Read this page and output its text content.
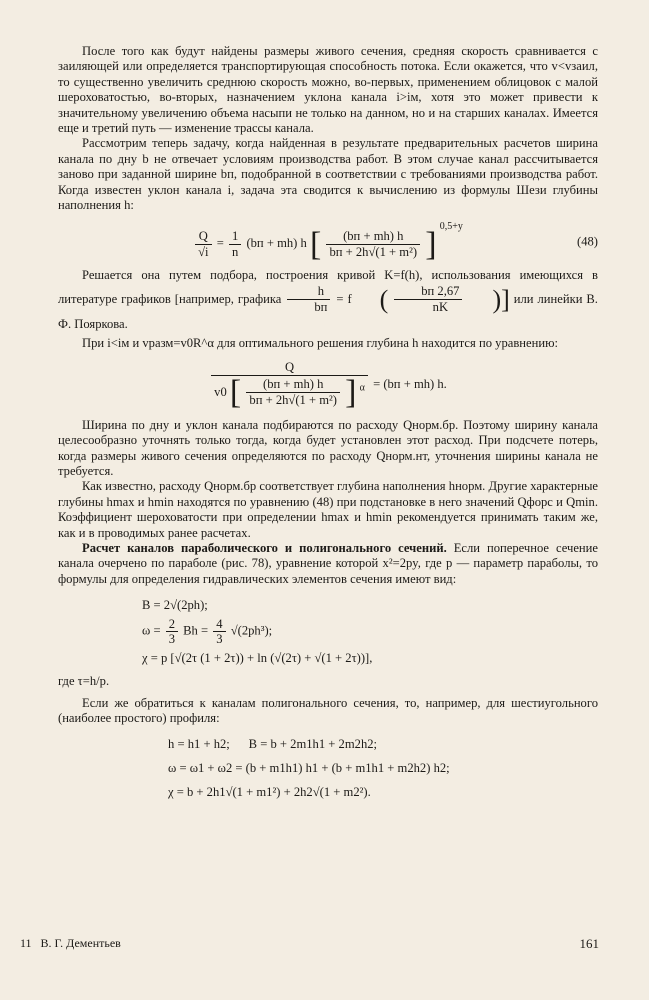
После того как будут найдены размеры живого сечения, средняя скорость сравнивается с заиляющей или определяется транспортирующая способность потока. Если окажется, что v<vзаил, то существенно увеличить среднюю скорость можно, во-первых, применением облицовок с малой шероховатостью, во-вторых, назначением уклона канала i>iм, хотя это может привести к значительному увеличению объема насыпи не только на данном, но и на старших каналах. Имеется еще и третий путь — изменение трассы канала.

Рассмотрим теперь задачу, когда найденная в результате предварительных расчетов ширина канала по дну b не отвечает условиям производства работ. В этом случае канал рассчитывается заново при заданной ширине bп, подобранной в соответствии с требованиями производства работ. Когда известен уклон канала i, задача эта сводится к вычислению из формулы Шези глубины наполнения h:

$\frac{Q}{√i} = \frac{1}{n} (bп + mh)$ h [ $\frac{(bп + mh) h}{\text{bп + 2h√(1 + m²)}}$ ] $^{0,5+y}$
(48)

Решается она путем подбора, построения кривой K=f(h), использования имеющихся в литературе графиков [например, графика $\frac{h}{bп} = f$ ( $\frac{bп 2,67}{nK}$ )] или линейки В. Ф. Пояркова.

При i<iм и vразм=v0R^α для оптимального решения глубина h находится по уравнению:

Q
v0 [ $\frac{(bп + mh) h}{\text{bп + 2h√(1 + m²)}}$ ] $^\alpha$ = (bп + mh) h.

Ширина по дну и уклон канала подбираются по расходу Qнорм.бр. Поэтому ширину канала целесообразно уточнять только тогда, когда будет установлен этот расход. При подсчете потерь, когда размеры живого сечения определяются по расходу Qнорм.нт, уточнения ширины канала не требуется.

Как известно, расходу Qнорм.бр соответствует глубина наполнения hнорм. Другие характерные глубины hmax и hmin находятся по уравнению (48) при подстановке в него значений Qфорс и Qmin. Коэффициент шероховатости при определении hmax и hmin рекомендуется принимать таким же, как и в проводимых ранее расчетах.

Расчет каналов параболического и полигонального сечений. Если поперечное сечение канала очерчено по параболе (рис. 78), уравнение которой x²=2py, где p — параметр параболы, то формулы для определения гидравлических элементов сечения имеют вид:

B = 2√(2ph);
$\omega = \frac{2}{3}$ $Bh = \frac{4}{3} √(2ph^3)$;
χ = p [√(2τ (1 + 2τ)) + ln (√(2τ) + √(1 + 2τ))],

где τ=h/p.

Если же обратиться к каналам полигонального сечения, то, например, для шестиугольного (наиболее простого) профиля:

h = h1 + h2;      B = b + 2m1h1 + 2m2h2;
ω = ω1 + ω2 = (b + m1h1) h1 + (b + m1h1 + m2h2) h2;
χ = b + 2h1√(1 + m1²) + 2h2√(1 + m2²).
11   В. Г. Дементьев	161
